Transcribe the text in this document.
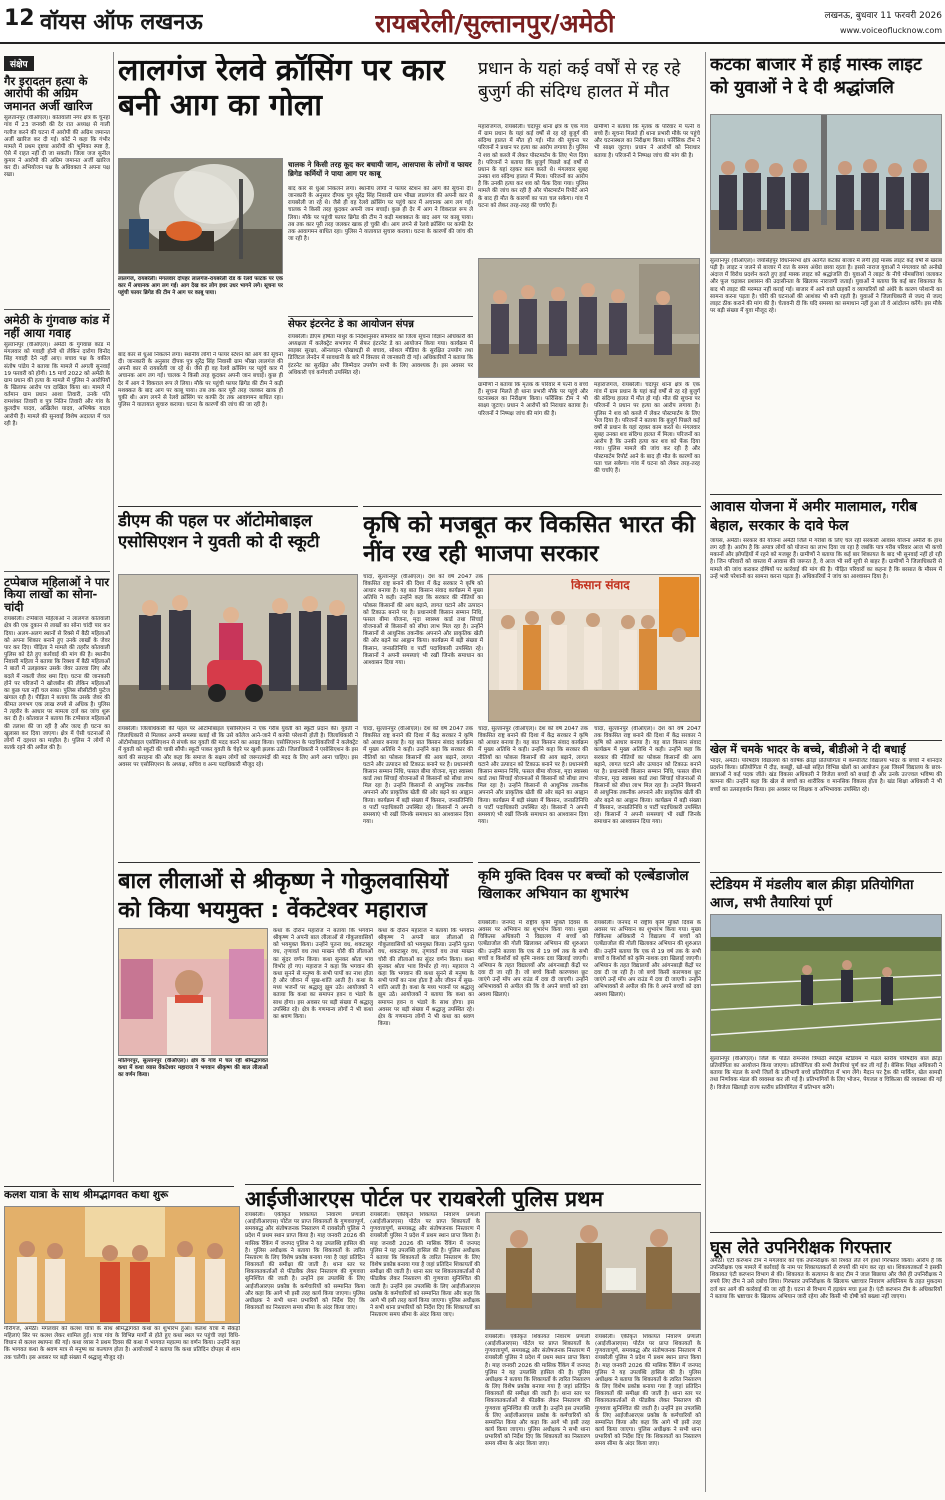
12 वॉयस ऑफ लखनऊ	रायबरेली/सुल्तानपुर/अमेठी	लखनऊ, बुधवार 11 फरवरी 2026
www.voiceoflucknow.com
संक्षेप
गैर इरादतन हत्या के आरोपी की अग्रिम जमानत अर्जी खारिज
सुलतानपुर (वीऑएल)। कोतवाली नगर क्षेत्र के चुनहां गांव में 23 जनवरी की देर रात अध्यक्ष से गाली गलौज करने की घटना में आरोपी की अग्रिम जमानत अर्जी खारिज कर दी गई। कोर्ट ने कहा कि गंभीर मामले में प्रथम दृष्टया आरोपी की भूमिका स्पष्ट है, ऐसे में राहत नहीं दी जा सकती। जिला जज सुनील कुमार ने आरोपी की अग्रिम जमानत अर्जी खारिज कर दी। अभियोजन पक्ष के अधिवक्ता ने अपना पक्ष रखा।
अमेठी के गुंगवाछ कांड में नहीं आया गवाह
सुल्तानपुर (वीऑएल)। अमेठी के गुंगवाछ कांड में मंगलवार को गवाही होनी थी लेकिन दारोगा विनोद सिंह गवाही देने नहीं आए। बचाव पक्ष के वकील संतोष पांडेय ने बताया कि मामले में अगली सुनवाई 19 फरवरी को होगी। 15 मार्च 2022 को अमेठी के ग्राम प्रधान की हत्या के मामले में पुलिस ने आरोपियों के खिलाफ आरोप पत्र दाखिल किया था। मामले में वर्तमान ग्राम प्रधान आशा तिवारी, उनके पति रामशंकर तिवारी व पुत्र नितिन तिवारी और गांव के कुलदीप यादव, अखिलेश यादव, अभिषेक यादव आरोपी हैं। मामले की सुनवाई विशेष अदालत में चल रही है।
टप्पेबाज महिलाओं ने पार किया लाखों का सोना-चांदी
रायबरेली। टप्पेबाज महिलाओं ने लालगंज कोतवाली क्षेत्र की एक दुकान से लाखों का सोना चांदी पार कर दिया। अलग-अलग स्थानों से रिक्से में बैठी महिलाओं को अपना शिकार बनाने हुए उनके लाखों के जेवर पार कर दिए। पीड़िता ने मामले की तहरीर कोतवाली पुलिस को देते हुए कार्रवाई की मांग की है। स्थानीय निवासी महिला ने बताया कि रिक्शा में बैठी महिलाओं ने बातों में उलझाकर उसके जेवर उतरवा लिए और बदले में नकली जेवर थमा दिए। घटना की जानकारी होने पर परिजनों ने खोजबीन की लेकिन महिलाओं का कुछ पता नहीं चल सका। पुलिस सीसीटीवी फुटेज खंगाल रही है। पीड़िता ने बताया कि उसके जेवर की कीमत लगभग एक लाख रुपये से अधिक है। पुलिस ने तहरीर के आधार पर मामला दर्ज कर जांच शुरू कर दी है। कोतवाल ने बताया कि टप्पेबाज महिलाओं की तलाश की जा रही है और जल्द ही घटना का खुलासा कर दिया जाएगा। क्षेत्र में ऐसी घटनाओं से लोगों में दहशत का माहौल है। पुलिस ने लोगों से सतर्क रहने की अपील की है।
लालगंज रेलवे क्रॉसिंग पर कार बनी आग का गोला
चालक ने किसी तरह कूद कर बचायी जान, आसपास के लोगों व फायर ब्रिगेड कर्मियों ने पाया आग पर काबू
बाद कार से धुआं निकलने लगा। स्थानीय लोगों ने फायर स्टेशन को आग की सूचना दी। जानकारी के अनुसार दीपक पुत्र सुरेंद्र सिंह निवासी ग्राम भीखा लालगंज की अपनी कार से रायबरेली जा रहे थे। जैसे ही वह रेलवे क्रॉसिंग पर पहुंचे कार में अचानक आग लग गई। चालक ने किसी तरह कूदकर अपनी जान बचाई। कुछ ही देर में आग ने विकराल रूप ले लिया। मौके पर पहुंची फायर ब्रिगेड की टीम ने कड़ी मशक्कत के बाद आग पर काबू पाया। तब तक कार पूरी तरह जलकर खाक हो चुकी थी। आग लगने से रेलवे क्रॉसिंग पर काफी देर तक आवागमन बाधित रहा। पुलिस ने यातायात सुचारु कराया। घटना के कारणों की जांच की जा रही है।
लालगंज, रायबरेली। मंगलवार दोपहर लालगंज-रायबरेली रोड के रेलवे फाटक पर एक कार में अचानक आग लग गई। आग देख कर लोग इधर उधर भागने लगे। सूचना पर पहुंची फायर ब्रिगेड की टीम ने आग पर काबू पाया।
बाद कार से धुआं निकलने लगा। स्थानीय लोगों ने फायर स्टेशन को आग की सूचना दी। जानकारी के अनुसार दीपक पुत्र सुरेंद्र सिंह निवासी ग्राम भीखा लालगंज की अपनी कार से रायबरेली जा रहे थे। जैसे ही वह रेलवे क्रॉसिंग पर पहुंचे कार में अचानक आग लग गई। चालक ने किसी तरह कूदकर अपनी जान बचाई। कुछ ही देर में आग ने विकराल रूप ले लिया। मौके पर पहुंची फायर ब्रिगेड की टीम ने कड़ी मशक्कत के बाद आग पर काबू पाया। तब तक कार पूरी तरह जलकर खाक हो चुकी थी। आग लगने से रेलवे क्रॉसिंग पर काफी देर तक आवागमन बाधित रहा। पुलिस ने यातायात सुचारु कराया। घटना के कारणों की जांच की जा रही है।
सेफर इंटरनेट डे का आयोजन संपन्न
रायबरेली। डीएम हर्षिता माथुर के निर्देशानुसार सोमवार को जिला सूचना विज्ञान अधिकारी की अध्यक्षता में कलेक्ट्रेट सभागार में सेफर इंटरनेट डे का आयोजन किया गया। कार्यक्रम में साइबर सुरक्षा, ऑनलाइन धोखाधड़ी से बचाव, सोशल मीडिया के सुरक्षित उपयोग तथा डिजिटल लेनदेन में सावधानी के बारे में विस्तार से जानकारी दी गई। अधिकारियों ने बताया कि इंटरनेट का सुरक्षित और जिम्मेदार उपयोग सभी के लिए आवश्यक है। इस अवसर पर अधिकारी एवं कर्मचारी उपस्थित रहे।
डीएम की पहल पर ऑटोमोबाइल एसोसिएशन ने युवती को दी स्कूटी
रायबरेली। जिलाधिकारी की पहल पर ऑटोमोबाइल एसोसिएशन ने एक गरीब युवती को स्कूटी प्रदान की। युवती ने जिलाधिकारी से मिलकर अपनी समस्या बताई थी कि उसे कॉलेज आने-जाने में काफी परेशानी होती है। जिलाधिकारी ने ऑटोमोबाइल एसोसिएशन से संपर्क कर युवती की मदद करने का आग्रह किया। एसोसिएशन के पदाधिकारियों ने कलेक्ट्रेट में युवती को स्कूटी की चाबी सौंपी। स्कूटी पाकर युवती के चेहरे पर खुशी झलक उठी। जिलाधिकारी ने एसोसिएशन के इस कार्य की सराहना की और कहा कि समाज के सक्षम लोगों को जरूरतमंदों की मदद के लिए आगे आना चाहिए। इस अवसर पर एसोसिएशन के अध्यक्ष, सचिव व अन्य पदाधिकारी मौजूद रहे।
प्रधान के यहां कई वर्षों से रह रहे बुजुर्ग की संदिग्ध हालत में मौत
महाराजगंज, रायबरेली। चंदापुर थाना क्षेत्र के एक गांव में ग्राम प्रधान के यहां कई वर्षों से रह रहे बुजुर्ग की संदिग्ध हालत में मौत हो गई। मौत की सूचना पर परिजनों ने प्रधान पर हत्या का आरोप लगाया है। पुलिस ने शव को कब्जे में लेकर पोस्टमार्टम के लिए भेज दिया है। परिजनों ने बताया कि बुजुर्ग पिछले कई वर्षों से प्रधान के यहां रहकर काम करते थे। मंगलवार सुबह उनका शव संदिग्ध हालत में मिला। परिजनों का आरोप है कि उनकी हत्या कर शव को फेंक दिया गया। पुलिस मामले की जांच कर रही है और पोस्टमार्टम रिपोर्ट आने के बाद ही मौत के कारणों का पता चल सकेगा। गांव में घटना को लेकर तरह-तरह की चर्चाएं हैं।
ग्रामीणों ने बताया कि मृतक के परिवार में पत्नी व बच्चे हैं। सूचना मिलते ही थाना प्रभारी मौके पर पहुंचे और घटनास्थल का निरीक्षण किया। फॉरेंसिक टीम ने भी साक्ष्य जुटाए। प्रधान ने आरोपों को निराधार बताया है। परिजनों ने निष्पक्ष जांच की मांग की है।
ग्रामीणों ने बताया कि मृतक के परिवार में पत्नी व बच्चे हैं। सूचना मिलते ही थाना प्रभारी मौके पर पहुंचे और घटनास्थल का निरीक्षण किया। फॉरेंसिक टीम ने भी साक्ष्य जुटाए। प्रधान ने आरोपों को निराधार बताया है। परिजनों ने निष्पक्ष जांच की मांग की है।
महाराजगंज, रायबरेली। चंदापुर थाना क्षेत्र के एक गांव में ग्राम प्रधान के यहां कई वर्षों से रह रहे बुजुर्ग की संदिग्ध हालत में मौत हो गई। मौत की सूचना पर परिजनों ने प्रधान पर हत्या का आरोप लगाया है। पुलिस ने शव को कब्जे में लेकर पोस्टमार्टम के लिए भेज दिया है। परिजनों ने बताया कि बुजुर्ग पिछले कई वर्षों से प्रधान के यहां रहकर काम करते थे। मंगलवार सुबह उनका शव संदिग्ध हालत में मिला। परिजनों का आरोप है कि उनकी हत्या कर शव को फेंक दिया गया। पुलिस मामले की जांच कर रही है और पोस्टमार्टम रिपोर्ट आने के बाद ही मौत के कारणों का पता चल सकेगा। गांव में घटना को लेकर तरह-तरह की चर्चाएं हैं।
कृषि को मजबूत कर विकसित भारत की नींव रख रही भाजपा सरकार
चांदा, सुल्तानपुर (वीऑएल)। देश को वर्ष 2047 तक विकसित राष्ट्र बनाने की दिशा में केंद्र सरकार ने कृषि को आधार बनाया है। यह बात किसान संवाद कार्यक्रम में मुख्य अतिथि ने कही। उन्होंने कहा कि सरकार की नीतियों का फोकस किसानों की आय बढ़ाने, लागत घटाने और उत्पादन को टिकाऊ बनाने पर है। प्रधानमंत्री किसान सम्मान निधि, फसल बीमा योजना, मृदा स्वास्थ्य कार्ड तथा सिंचाई योजनाओं से किसानों को सीधा लाभ मिल रहा है। उन्होंने किसानों से आधुनिक तकनीक अपनाने और प्राकृतिक खेती की ओर बढ़ने का आह्वान किया। कार्यक्रम में बड़ी संख्या में किसान, जनप्रतिनिधि व पार्टी पदाधिकारी उपस्थित रहे। किसानों ने अपनी समस्याएं भी रखीं जिनके समाधान का आश्वासन दिया गया।
किसान संवाद
चांदा, सुल्तानपुर (वीऑएल)। देश को वर्ष 2047 तक विकसित राष्ट्र बनाने की दिशा में केंद्र सरकार ने कृषि को आधार बनाया है। यह बात किसान संवाद कार्यक्रम में मुख्य अतिथि ने कही। उन्होंने कहा कि सरकार की नीतियों का फोकस किसानों की आय बढ़ाने, लागत घटाने और उत्पादन को टिकाऊ बनाने पर है। प्रधानमंत्री किसान सम्मान निधि, फसल बीमा योजना, मृदा स्वास्थ्य कार्ड तथा सिंचाई योजनाओं से किसानों को सीधा लाभ मिल रहा है। उन्होंने किसानों से आधुनिक तकनीक अपनाने और प्राकृतिक खेती की ओर बढ़ने का आह्वान किया। कार्यक्रम में बड़ी संख्या में किसान, जनप्रतिनिधि व पार्टी पदाधिकारी उपस्थित रहे। किसानों ने अपनी समस्याएं भी रखीं जिनके समाधान का आश्वासन दिया गया।
चांदा, सुल्तानपुर (वीऑएल)। देश को वर्ष 2047 तक विकसित राष्ट्र बनाने की दिशा में केंद्र सरकार ने कृषि को आधार बनाया है। यह बात किसान संवाद कार्यक्रम में मुख्य अतिथि ने कही। उन्होंने कहा कि सरकार की नीतियों का फोकस किसानों की आय बढ़ाने, लागत घटाने और उत्पादन को टिकाऊ बनाने पर है। प्रधानमंत्री किसान सम्मान निधि, फसल बीमा योजना, मृदा स्वास्थ्य कार्ड तथा सिंचाई योजनाओं से किसानों को सीधा लाभ मिल रहा है। उन्होंने किसानों से आधुनिक तकनीक अपनाने और प्राकृतिक खेती की ओर बढ़ने का आह्वान किया। कार्यक्रम में बड़ी संख्या में किसान, जनप्रतिनिधि व पार्टी पदाधिकारी उपस्थित रहे। किसानों ने अपनी समस्याएं भी रखीं जिनके समाधान का आश्वासन दिया गया।
चांदा, सुल्तानपुर (वीऑएल)। देश को वर्ष 2047 तक विकसित राष्ट्र बनाने की दिशा में केंद्र सरकार ने कृषि को आधार बनाया है। यह बात किसान संवाद कार्यक्रम में मुख्य अतिथि ने कही। उन्होंने कहा कि सरकार की नीतियों का फोकस किसानों की आय बढ़ाने, लागत घटाने और उत्पादन को टिकाऊ बनाने पर है। प्रधानमंत्री किसान सम्मान निधि, फसल बीमा योजना, मृदा स्वास्थ्य कार्ड तथा सिंचाई योजनाओं से किसानों को सीधा लाभ मिल रहा है। उन्होंने किसानों से आधुनिक तकनीक अपनाने और प्राकृतिक खेती की ओर बढ़ने का आह्वान किया। कार्यक्रम में बड़ी संख्या में किसान, जनप्रतिनिधि व पार्टी पदाधिकारी उपस्थित रहे। किसानों ने अपनी समस्याएं भी रखीं जिनके समाधान का आश्वासन दिया गया।
बाल लीलाओं से श्रीकृष्ण ने गोकुलवासियों को किया भयमुक्त : वेंकटेश्वर महाराज
मोतिगरपुर, सुल्तानपुर (वीऑएल)। क्षेत्र के गांव में चल रही श्रीमद्भागवत कथा में कथा व्यास वेंकटेश्वर महाराज ने भगवान श्रीकृष्ण की बाल लीलाओं का वर्णन किया।
कथा के दौरान महाराज ने बताया कि भगवान श्रीकृष्ण ने अपनी बाल लीलाओं से गोकुलवासियों को भयमुक्त किया। उन्होंने पूतना वध, शकटासुर वध, तृणावर्त वध तथा माखन चोरी की लीलाओं का सुंदर वर्णन किया। कथा सुनकर श्रोता भाव विभोर हो गए। महाराज ने कहा कि भगवान की कथा सुनने से मनुष्य के सभी पापों का नाश होता है और जीवन में सुख-शांति आती है। कथा के मध्य भजनों पर श्रद्धालु झूम उठे। आयोजकों ने बताया कि कथा का समापन हवन व भंडारे के साथ होगा। इस अवसर पर बड़ी संख्या में श्रद्धालु उपस्थित रहे। क्षेत्र के गणमान्य लोगों ने भी कथा का श्रवण किया।
कथा के दौरान महाराज ने बताया कि भगवान श्रीकृष्ण ने अपनी बाल लीलाओं से गोकुलवासियों को भयमुक्त किया। उन्होंने पूतना वध, शकटासुर वध, तृणावर्त वध तथा माखन चोरी की लीलाओं का सुंदर वर्णन किया। कथा सुनकर श्रोता भाव विभोर हो गए। महाराज ने कहा कि भगवान की कथा सुनने से मनुष्य के सभी पापों का नाश होता है और जीवन में सुख-शांति आती है। कथा के मध्य भजनों पर श्रद्धालु झूम उठे। आयोजकों ने बताया कि कथा का समापन हवन व भंडारे के साथ होगा। इस अवसर पर बड़ी संख्या में श्रद्धालु उपस्थित रहे। क्षेत्र के गणमान्य लोगों ने भी कथा का श्रवण किया।
कृमि मुक्ति दिवस पर बच्चों को एल्बेंडाजोल खिलाकर अभियान का शुभारंभ
रायबरेली। जनपद में राष्ट्रीय कृमि मुक्ति दिवस के अवसर पर अभियान का शुभारंभ किया गया। मुख्य चिकित्सा अधिकारी ने विद्यालय में बच्चों को एल्बेंडाजोल की गोली खिलाकर अभियान की शुरुआत की। उन्होंने बताया कि एक से 19 वर्ष तक के सभी बच्चों व किशोरों को कृमि नाशक दवा खिलाई जाएगी। अभियान के तहत विद्यालयों और आंगनबाड़ी केंद्रों पर दवा दी जा रही है। जो बच्चे किसी कारणवश छूट जाएंगे उन्हें मॉप अप राउंड में दवा दी जाएगी। उन्होंने अभिभावकों से अपील की कि वे अपने बच्चों को दवा अवश्य खिलाएं।
रायबरेली। जनपद में राष्ट्रीय कृमि मुक्ति दिवस के अवसर पर अभियान का शुभारंभ किया गया। मुख्य चिकित्सा अधिकारी ने विद्यालय में बच्चों को एल्बेंडाजोल की गोली खिलाकर अभियान की शुरुआत की। उन्होंने बताया कि एक से 19 वर्ष तक के सभी बच्चों व किशोरों को कृमि नाशक दवा खिलाई जाएगी। अभियान के तहत विद्यालयों और आंगनबाड़ी केंद्रों पर दवा दी जा रही है। जो बच्चे किसी कारणवश छूट जाएंगे उन्हें मॉप अप राउंड में दवा दी जाएगी। उन्होंने अभिभावकों से अपील की कि वे अपने बच्चों को दवा अवश्य खिलाएं।
कलश यात्रा के साथ श्रीमद्भागवत कथा शुरू
गौरीगंज, अमेठी। मंगलवार को कलश यात्रा के साथ श्रीमद्भागवत कथा का शुभारंभ हुआ। कलश यात्रा में सैकड़ों महिलाएं सिर पर कलश लेकर शामिल हुईं। यात्रा गांव के विभिन्न मार्गों से होते हुए कथा स्थल पर पहुंची जहां विधि-विधान से कलश स्थापना की गई। कथा व्यास ने प्रथम दिवस की कथा में भागवत महात्म्य का वर्णन किया। उन्होंने कहा कि भागवत कथा के श्रवण मात्र से मनुष्य का कल्याण होता है। आयोजकों ने बताया कि कथा प्रतिदिन दोपहर से शाम तक चलेगी। इस अवसर पर बड़ी संख्या में श्रद्धालु मौजूद रहे।
आईजीआरएस पोर्टल पर रायबरेली पुलिस प्रथम
रायबरेली। एकीकृत शिकायत निवारण प्रणाली (आईजीआरएस) पोर्टल पर प्राप्त शिकायतों के गुणवत्तापूर्ण, समयबद्ध और संतोषजनक निस्तारण में रायबरेली पुलिस ने प्रदेश में प्रथम स्थान प्राप्त किया है। माह जनवरी 2026 की मासिक रैंकिंग में जनपद पुलिस ने यह उपलब्धि हासिल की है। पुलिस अधीक्षक ने बताया कि शिकायतों के त्वरित निस्तारण के लिए विशेष प्रकोष्ठ बनाया गया है जहां प्रतिदिन शिकायतों की समीक्षा की जाती है। थाना स्तर पर शिकायतकर्ताओं से फीडबैक लेकर निस्तारण की गुणवत्ता सुनिश्चित की जाती है। उन्होंने इस उपलब्धि के लिए आईजीआरएस प्रकोष्ठ के कर्मचारियों को सम्मानित किया और कहा कि आगे भी इसी तरह कार्य किया जाएगा। पुलिस अधीक्षक ने सभी थाना प्रभारियों को निर्देश दिए कि शिकायतों का निस्तारण समय सीमा के अंदर किया जाए।
रायबरेली। एकीकृत शिकायत निवारण प्रणाली (आईजीआरएस) पोर्टल पर प्राप्त शिकायतों के गुणवत्तापूर्ण, समयबद्ध और संतोषजनक निस्तारण में रायबरेली पुलिस ने प्रदेश में प्रथम स्थान प्राप्त किया है। माह जनवरी 2026 की मासिक रैंकिंग में जनपद पुलिस ने यह उपलब्धि हासिल की है। पुलिस अधीक्षक ने बताया कि शिकायतों के त्वरित निस्तारण के लिए विशेष प्रकोष्ठ बनाया गया है जहां प्रतिदिन शिकायतों की समीक्षा की जाती है। थाना स्तर पर शिकायतकर्ताओं से फीडबैक लेकर निस्तारण की गुणवत्ता सुनिश्चित की जाती है। उन्होंने इस उपलब्धि के लिए आईजीआरएस प्रकोष्ठ के कर्मचारियों को सम्मानित किया और कहा कि आगे भी इसी तरह कार्य किया जाएगा। पुलिस अधीक्षक ने सभी थाना प्रभारियों को निर्देश दिए कि शिकायतों का निस्तारण समय सीमा के अंदर किया जाए।
रायबरेली। एकीकृत शिकायत निवारण प्रणाली (आईजीआरएस) पोर्टल पर प्राप्त शिकायतों के गुणवत्तापूर्ण, समयबद्ध और संतोषजनक निस्तारण में रायबरेली पुलिस ने प्रदेश में प्रथम स्थान प्राप्त किया है। माह जनवरी 2026 की मासिक रैंकिंग में जनपद पुलिस ने यह उपलब्धि हासिल की है। पुलिस अधीक्षक ने बताया कि शिकायतों के त्वरित निस्तारण के लिए विशेष प्रकोष्ठ बनाया गया है जहां प्रतिदिन शिकायतों की समीक्षा की जाती है। थाना स्तर पर शिकायतकर्ताओं से फीडबैक लेकर निस्तारण की गुणवत्ता सुनिश्चित की जाती है। उन्होंने इस उपलब्धि के लिए आईजीआरएस प्रकोष्ठ के कर्मचारियों को सम्मानित किया और कहा कि आगे भी इसी तरह कार्य किया जाएगा। पुलिस अधीक्षक ने सभी थाना प्रभारियों को निर्देश दिए कि शिकायतों का निस्तारण समय सीमा के अंदर किया जाए।
रायबरेली। एकीकृत शिकायत निवारण प्रणाली (आईजीआरएस) पोर्टल पर प्राप्त शिकायतों के गुणवत्तापूर्ण, समयबद्ध और संतोषजनक निस्तारण में रायबरेली पुलिस ने प्रदेश में प्रथम स्थान प्राप्त किया है। माह जनवरी 2026 की मासिक रैंकिंग में जनपद पुलिस ने यह उपलब्धि हासिल की है। पुलिस अधीक्षक ने बताया कि शिकायतों के त्वरित निस्तारण के लिए विशेष प्रकोष्ठ बनाया गया है जहां प्रतिदिन शिकायतों की समीक्षा की जाती है। थाना स्तर पर शिकायतकर्ताओं से फीडबैक लेकर निस्तारण की गुणवत्ता सुनिश्चित की जाती है। उन्होंने इस उपलब्धि के लिए आईजीआरएस प्रकोष्ठ के कर्मचारियों को सम्मानित किया और कहा कि आगे भी इसी तरह कार्य किया जाएगा। पुलिस अधीक्षक ने सभी थाना प्रभारियों को निर्देश दिए कि शिकायतों का निस्तारण समय सीमा के अंदर किया जाए।
कटका बाजार में हाई मास्क लाइट को युवाओं ने दे दी श्रद्धांजलि
सुल्तानपुर (वीऑएल)। जयसिंहपुर विधानसभा क्षेत्र अंतर्गत कटका बाजार में लगी हाई मास्क लाइट कई वर्षों से खराब पड़ी है। लाइट न जलने से बाजार में रात के समय अंधेरा छाया रहता है। इससे नाराज युवाओं ने मंगलवार को अनोखे अंदाज में विरोध प्रदर्शन करते हुए हाई मास्क लाइट को श्रद्धांजलि दी। युवाओं ने लाइट के नीचे मोमबत्तियां जलाकर और फूल चढ़ाकर प्रशासन की उदासीनता के खिलाफ नाराजगी जताई। युवाओं ने बताया कि कई बार शिकायत के बाद भी लाइट की मरम्मत नहीं कराई गई। बाजार में आने वाले ग्राहकों व व्यापारियों को अंधेरे के कारण परेशानी का सामना करना पड़ता है। चोरी की घटनाओं की आशंका भी बनी रहती है। युवाओं ने जिलाधिकारी से जल्द से जल्द लाइट ठीक कराने की मांग की है। चेतावनी दी कि यदि समस्या का समाधान नहीं हुआ तो वे आंदोलन करेंगे। इस मौके पर बड़ी संख्या में युवा मौजूद रहे।
आवास योजना में अमीर मालामाल, गरीब बेहाल, सरकार के दावे फेल
जायस, अमेठी। सरकार की योजना अमेठी जिले में गरीबों के लिए चल रही सरकारी आवास योजना अमीरों के हाथ लग रही है। आरोप है कि अपात्र लोगों को योजना का लाभ दिया जा रहा है जबकि पात्र गरीब परिवार आज भी कच्चे मकानों और झोपड़ियों में रहने को मजबूर हैं। ग्रामीणों ने बताया कि कई बार शिकायत के बाद भी सुनवाई नहीं हो रही है। जिन परिवारों को वास्तव में आवास की जरूरत है, वे आज भी सर्वे सूची से बाहर हैं। ग्रामीणों ने जिलाधिकारी से मामले की जांच कराकर दोषियों पर कार्रवाई की मांग की है। पीड़ित परिवारों का कहना है कि बरसात के मौसम में उन्हें भारी परेशानी का सामना करना पड़ता है। अधिकारियों ने जांच का आश्वासन दिया है।
खेल में चमके भादर के बच्चे, बीडीओ ने दी बधाई
भादर, अमेठी। परिषदीय विद्यालयों की वार्षिक क्रीड़ा प्रतियोगिता में कम्पोजिट विद्यालय भादर के बच्चों ने शानदार प्रदर्शन किया। प्रतियोगिता में दौड़, कबड्डी, खो-खो सहित विभिन्न खेलों का आयोजन हुआ जिसमें विद्यालय के छात्र-छात्राओं ने कई पदक जीते। खंड विकास अधिकारी ने विजेता बच्चों को बधाई दी और उनके उज्ज्वल भविष्य की कामना की। उन्होंने कहा कि खेल से बच्चों का शारीरिक व मानसिक विकास होता है। खंड शिक्षा अधिकारी ने भी बच्चों का उत्साहवर्धन किया। इस अवसर पर शिक्षक व अभिभावक उपस्थित रहे।
स्टेडियम में मंडलीय बाल क्रीड़ा प्रतियोगिता आज, सभी तैयारियां पूर्ण
सुल्तानपुर (वीऑएल)। जिले के पंडित रामनरेश त्रिपाठी स्पोर्ट्स स्टेडियम में मंडल स्तरीय परिषदीय बाल क्रीड़ा प्रतियोगिता का आयोजन किया जाएगा। प्रतियोगिता की सभी तैयारियां पूर्ण कर ली गई हैं। बेसिक शिक्षा अधिकारी ने बताया कि मंडल के सभी जिलों के प्रतिभागी बच्चे प्रतियोगिता में भाग लेंगे। मैदान पर ट्रैक की मार्किंग, खेल सामग्री तथा निर्णायक मंडल की व्यवस्था कर ली गई है। प्रतिभागियों के लिए भोजन, पेयजल व चिकित्सा की व्यवस्था की गई है। विजेता खिलाड़ी राज्य स्तरीय प्रतियोगिता में प्रतिभाग करेंगे।
घूस लेते उपनिरीक्षक गिरफ्तार
अमेठी। एंटी करप्शन टीम ने मंगलवार को एक उपनिरीक्षक को रिश्वत लेते रंगे हाथों गिरफ्तार किया। आरोप है कि उपनिरीक्षक एक मामले में कार्रवाई के नाम पर शिकायतकर्ता से रुपयों की मांग कर रहा था। शिकायतकर्ता ने इसकी शिकायत एंटी करप्शन विभाग से की। शिकायत के सत्यापन के बाद टीम ने जाल बिछाया और जैसे ही उपनिरीक्षक ने रुपये लिए टीम ने उसे दबोच लिया। गिरफ्तार उपनिरीक्षक के खिलाफ भ्रष्टाचार निवारण अधिनियम के तहत मुकदमा दर्ज कर आगे की कार्रवाई की जा रही है। घटना से विभाग में हड़कंप मचा हुआ है। एंटी करप्शन टीम के अधिकारियों ने बताया कि भ्रष्टाचार के खिलाफ अभियान जारी रहेगा और किसी भी दोषी को बख्शा नहीं जाएगा।
